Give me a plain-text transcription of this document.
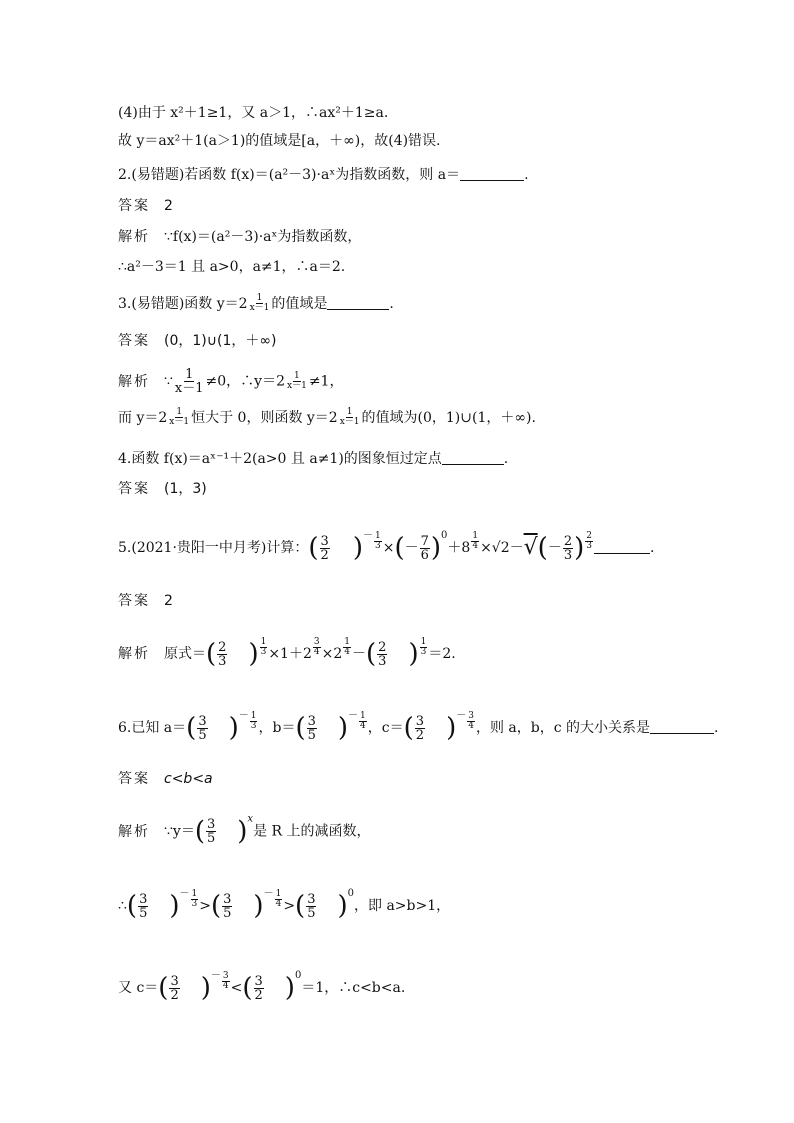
(4)由于 x²＋1≥1，又 a＞1，∴ax²＋1≥a.
故 y＝ax²＋1(a＞1)的值域是[a，＋∞)，故(4)错误.
2.(易错题)若函数 f(x)＝(a²－3)·aˣ为指数函数，则 a＝	.
答案 2
解析 ∵f(x)＝(a²－3)·aˣ为指数函数，
∴a²－3＝1 且 a>0，a≠1，∴a＝2.
3.(易错题)函数 $y=2 \frac{1}{x-1}$ 的值域是	.
答案 (0，1)∪(1，＋∞)
解析 ∵ $\frac{1}{x-1} \ne 0$，∴y＝2 $\frac{1}{x-1} \ne 1$，
而 $y=2 \frac{1}{x-1}$ 恒大于 0，则函数 $y=2 \frac{1}{x-1}$ 的值域为(0，1)∪(1，＋∞).
4.函数 f(x)＝aˣ⁻¹＋2(a>0 且 a≠1)的图象恒过定点	.
答案 (1，3)
5.(2021·贵阳一中月考)计算：( $\frac{3}{2} )^{- \frac{1}{3}}$ ×(－ $\frac{7}{6} )^0+8$ $^{\frac{1}{4}} \times√2-√(- \frac{2}{3}$ ) $^{\frac{2}{3}}$	.
答案 2
解析 原式＝( $\frac{2}{3}$ ) $^{\frac{1}{3}}$ ×1＋2 $^{\frac{3}{4}}$ ×2 $^{\frac{1}{4}}$ －( $\frac{2}{3}$ ) $^{\frac{1}{3}}$ ＝2.
6.已知 $a=( \frac{3}{5} )^{- \frac{1}{3}}$ ，$b=( \frac{3}{5} )^{- \frac{1}{4}}$ ，$c=( \frac{3}{2} )^{- \frac{3}{4}}$ ，则 a，b，c 的大小关系是	.
答案 c<b<a
解析 ∵y＝( $\frac{3}{5} )^x$是 R 上的减函数，
∴( $\frac{3}{5} )^{- \frac{1}{3}}$ >( $\frac{3}{5} )^{- \frac{1}{4}}$ >( $\frac{3}{5} )^0$，即 a>b>1，
又 $c=( \frac{3}{2} )^{- \frac{3}{4}}$ <( $\frac{3}{2} )^0=1$，∴c<b<a.
